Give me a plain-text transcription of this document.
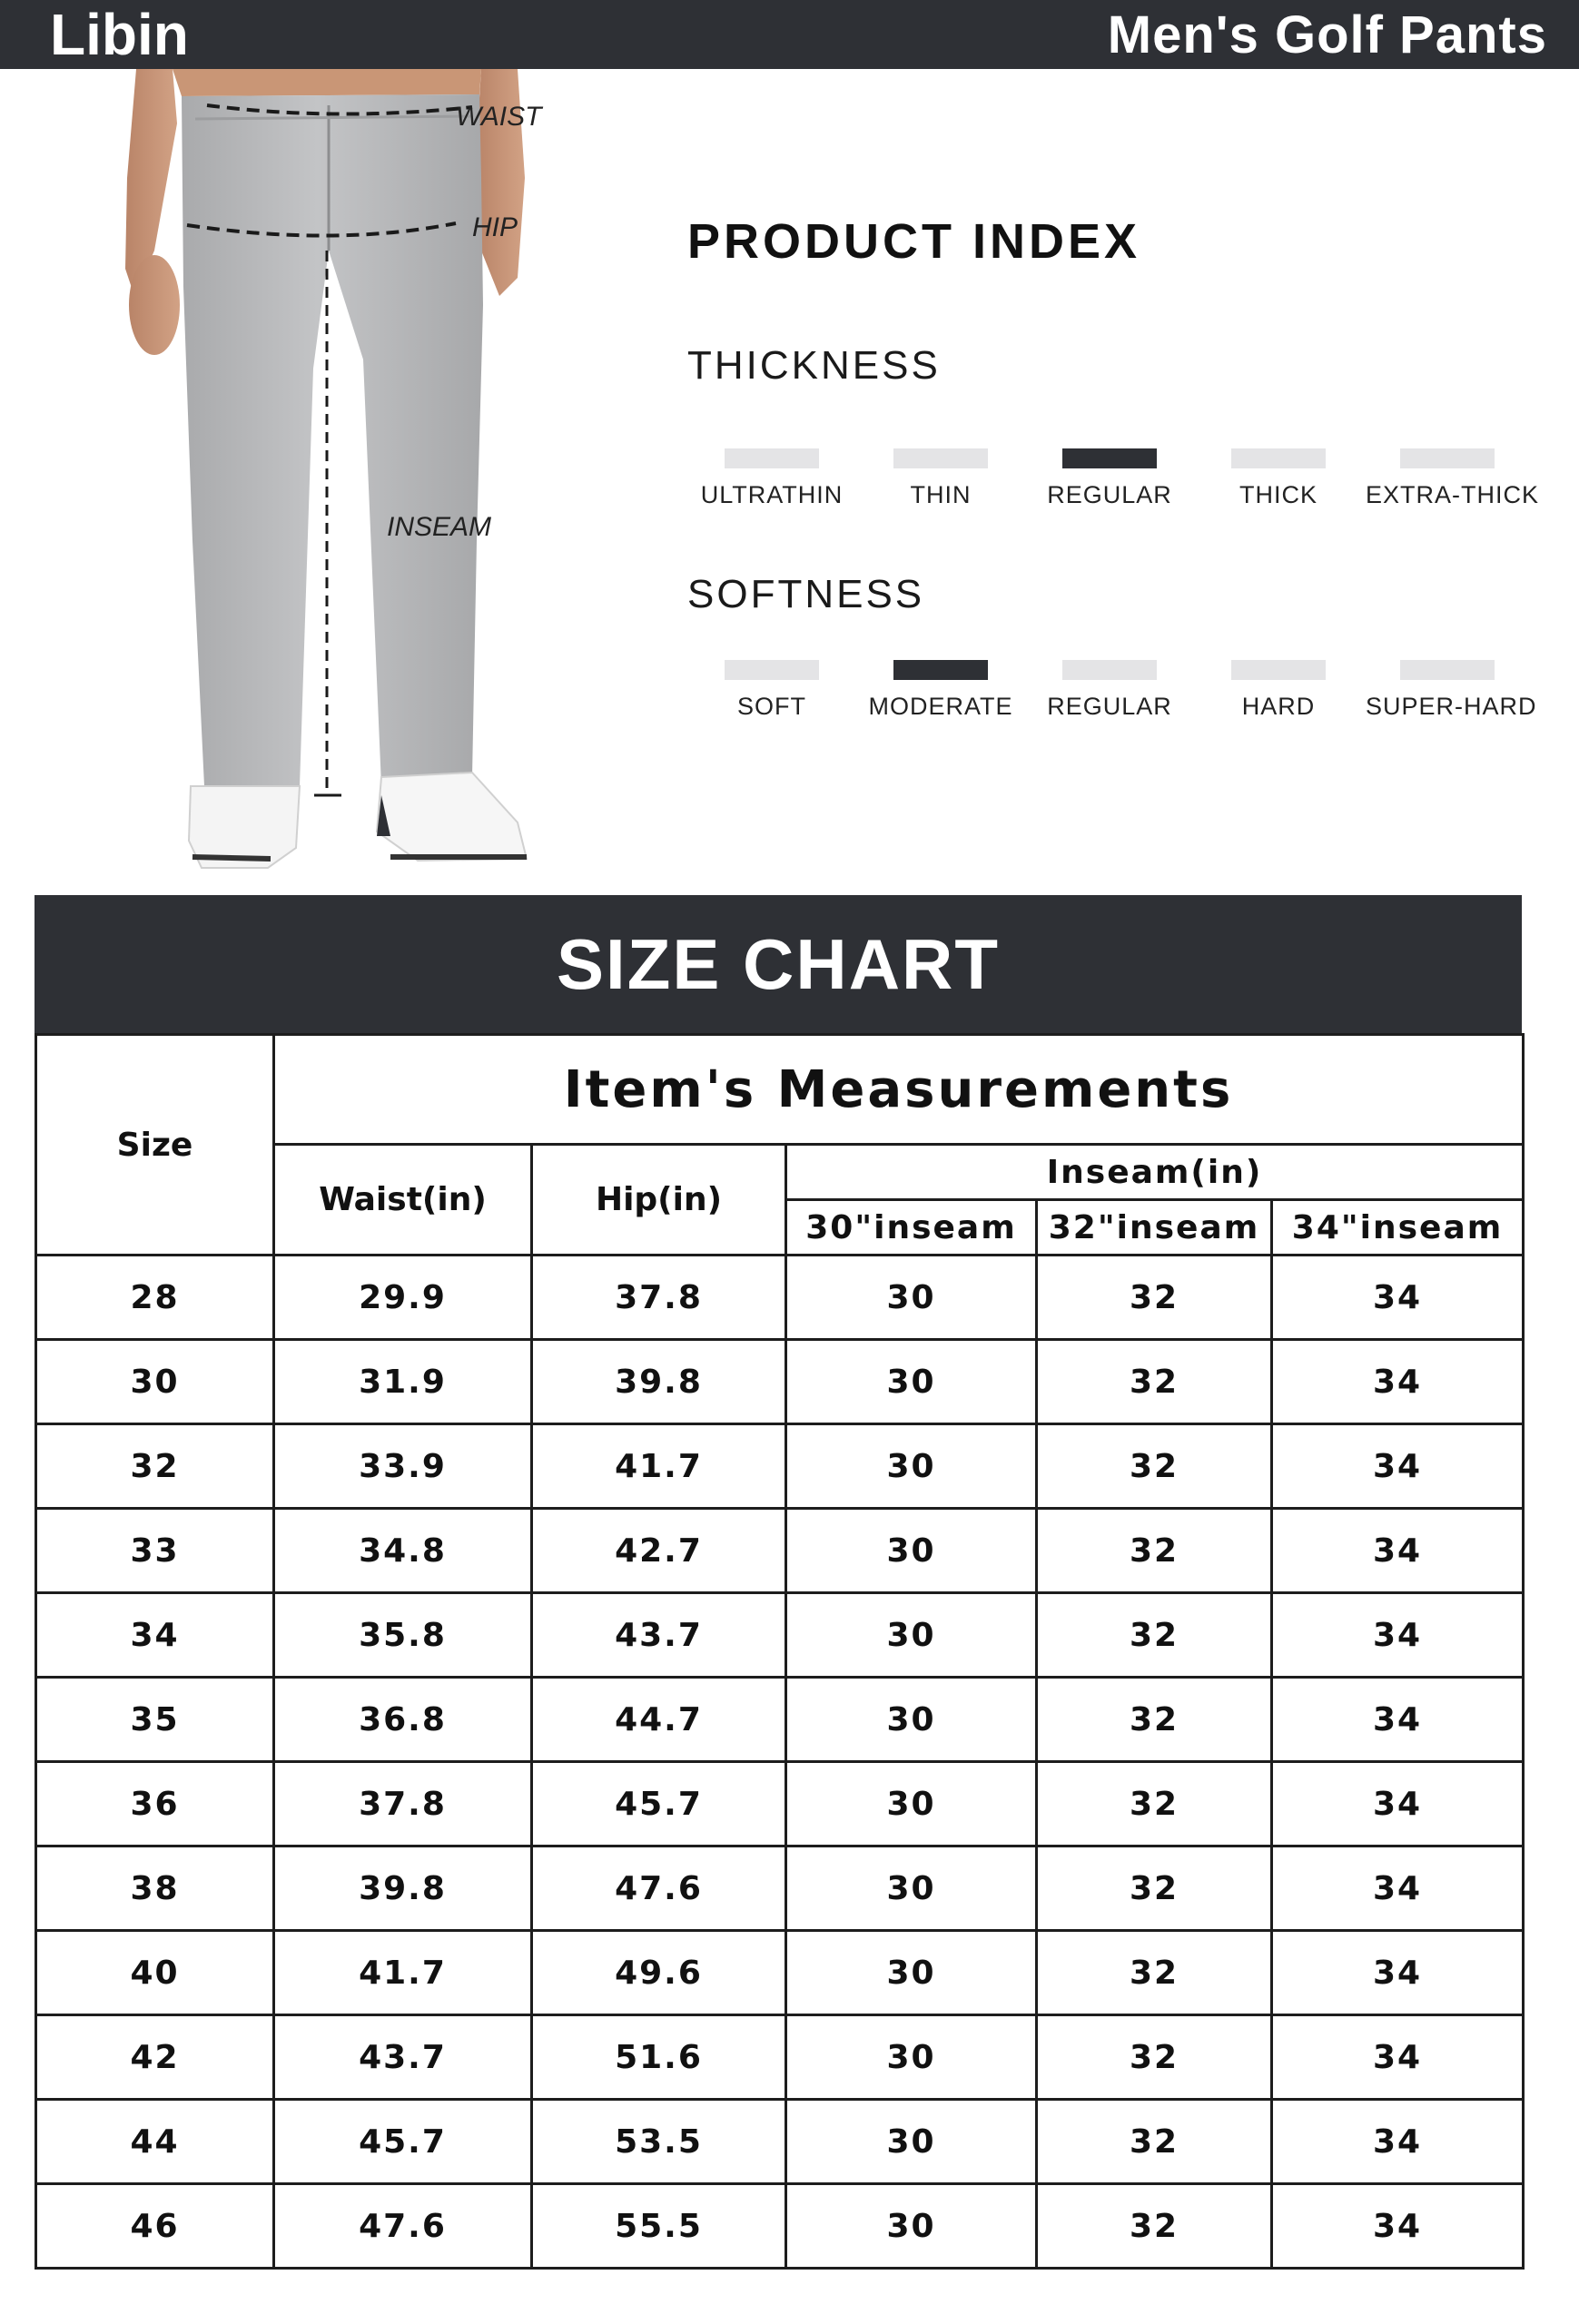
Libin	Men's Golf Pants
WAIST
HIP
INSEAM
PRODUCT INDEX
THICKNESS
ULTRATHIN	THIN	REGULAR	THICK	EXTRA-THICK
SOFTNESS
SOFT	MODERATE	REGULAR	HARD	SUPER-HARD
SIZE CHART
Size	Item's Measurements				
	Waist(in)	Hip(in)	Inseam(in)		
			30"inseam	32"inseam	34"inseam
28	29.9	37.8	30	32	34
30	31.9	39.8	30	32	34
32	33.9	41.7	30	32	34
33	34.8	42.7	30	32	34
34	35.8	43.7	30	32	34
35	36.8	44.7	30	32	34
36	37.8	45.7	30	32	34
38	39.8	47.6	30	32	34
40	41.7	49.6	30	32	34
42	43.7	51.6	30	32	34
44	45.7	53.5	30	32	34
46	47.6	55.5	30	32	34
